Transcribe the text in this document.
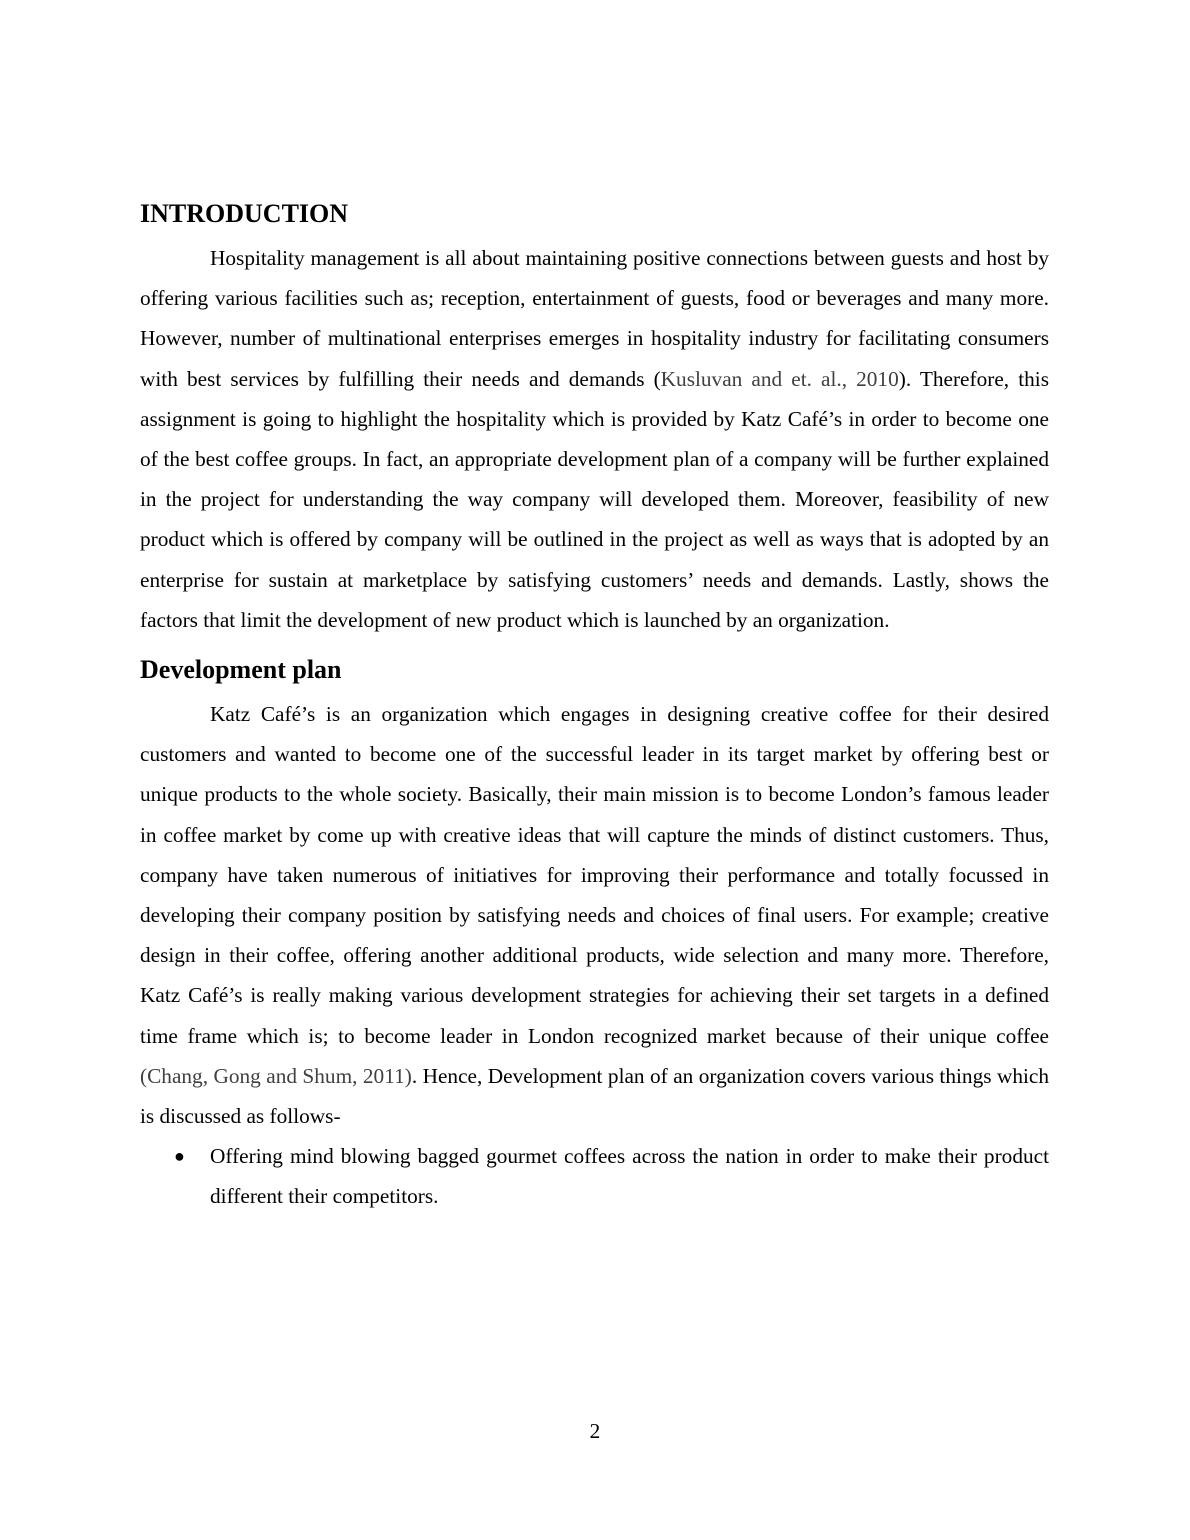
INTRODUCTION

Hospitality management is all about maintaining positive connections between guests and host by offering various facilities such as; reception, entertainment of guests, food or beverages and many more. However, number of multinational enterprises emerges in hospitality industry for facilitating consumers with best services by fulfilling their needs and demands (Kusluvan and et. al., 2010). Therefore, this assignment is going to highlight the hospitality which is provided by Katz Café’s in order to become one of the best coffee groups. In fact, an appropriate development plan of a company will be further explained in the project for understanding the way company will developed them. Moreover, feasibility of new product which is offered by company will be outlined in the project as well as ways that is adopted by an enterprise for sustain at marketplace by satisfying customers’ needs and demands. Lastly, shows the factors that limit the development of new product which is launched by an organization.

Development plan

Katz Café’s is an organization which engages in designing creative coffee for their desired customers and wanted to become one of the successful leader in its target market by offering best or unique products to the whole society. Basically, their main mission is to become London’s famous leader in coffee market by come up with creative ideas that will capture the minds of distinct customers. Thus, company have taken numerous of initiatives for improving their performance and totally focussed in developing their company position by satisfying needs and choices of final users. For example; creative design in their coffee, offering another additional products, wide selection and many more. Therefore, Katz Café’s is really making various development strategies for achieving their set targets in a defined time frame which is; to become leader in London recognized market because of their unique coffee (Chang, Gong and Shum, 2011). Hence, Development plan of an organization covers various things which is discussed as follows-

● Offering mind blowing bagged gourmet coffees across the nation in order to make their product different their competitors.
2
